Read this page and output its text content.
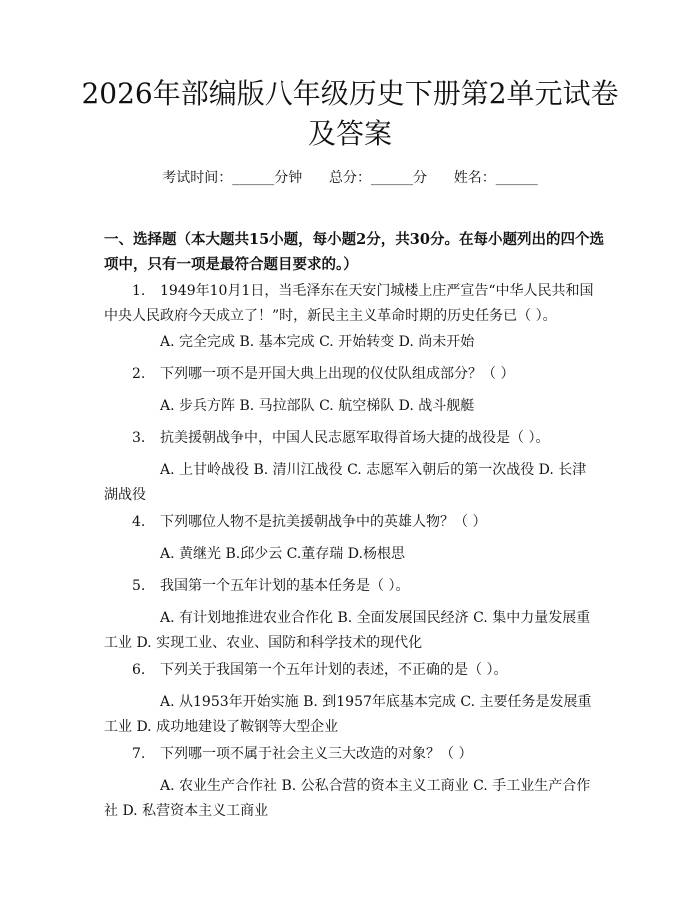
2026年部编版八年级历史下册第2单元试卷及答案
考试时间：______分钟      总分：______分      姓名：______
一、选择题（本大题共15小题，每小题2分，共30分。在每小题列出的四个选项中，只有一项是最符合题目要求的。）
1. 1949年10月1日，当毛泽东在天安门城楼上庄严宣告“中华人民共和国中央人民政府今天成立了！”时，新民主主义革命时期的历史任务已（ ）。
A. 完全完成 B. 基本完成 C. 开始转变 D. 尚未开始
2. 下列哪一项不是开国大典上出现的仪仗队组成部分？（ ）
A. 步兵方阵 B. 马拉部队 C. 航空梯队 D. 战斗舰艇
3. 抗美援朝战争中，中国人民志愿军取得首场大捷的战役是（ ）。
A. 上甘岭战役 B. 清川江战役 C. 志愿军入朝后的第一次战役 D. 长津湖战役
4. 下列哪位人物不是抗美援朝战争中的英雄人物？（ ）
A. 黄继光 B.邱少云 C.董存瑞 D.杨根思
5. 我国第一个五年计划的基本任务是（ ）。
A. 有计划地推进农业合作化 B. 全面发展国民经济 C. 集中力量发展重工业 D. 实现工业、农业、国防和科学技术的现代化
6. 下列关于我国第一个五年计划的表述，不正确的是（ ）。
A. 从1953年开始实施 B. 到1957年底基本完成 C. 主要任务是发展重工业 D. 成功地建设了鞍钢等大型企业
7. 下列哪一项不属于社会主义三大改造的对象？（ ）
A. 农业生产合作社 B. 公私合营的资本主义工商业 C. 手工业生产合作社 D. 私营资本主义工商业
